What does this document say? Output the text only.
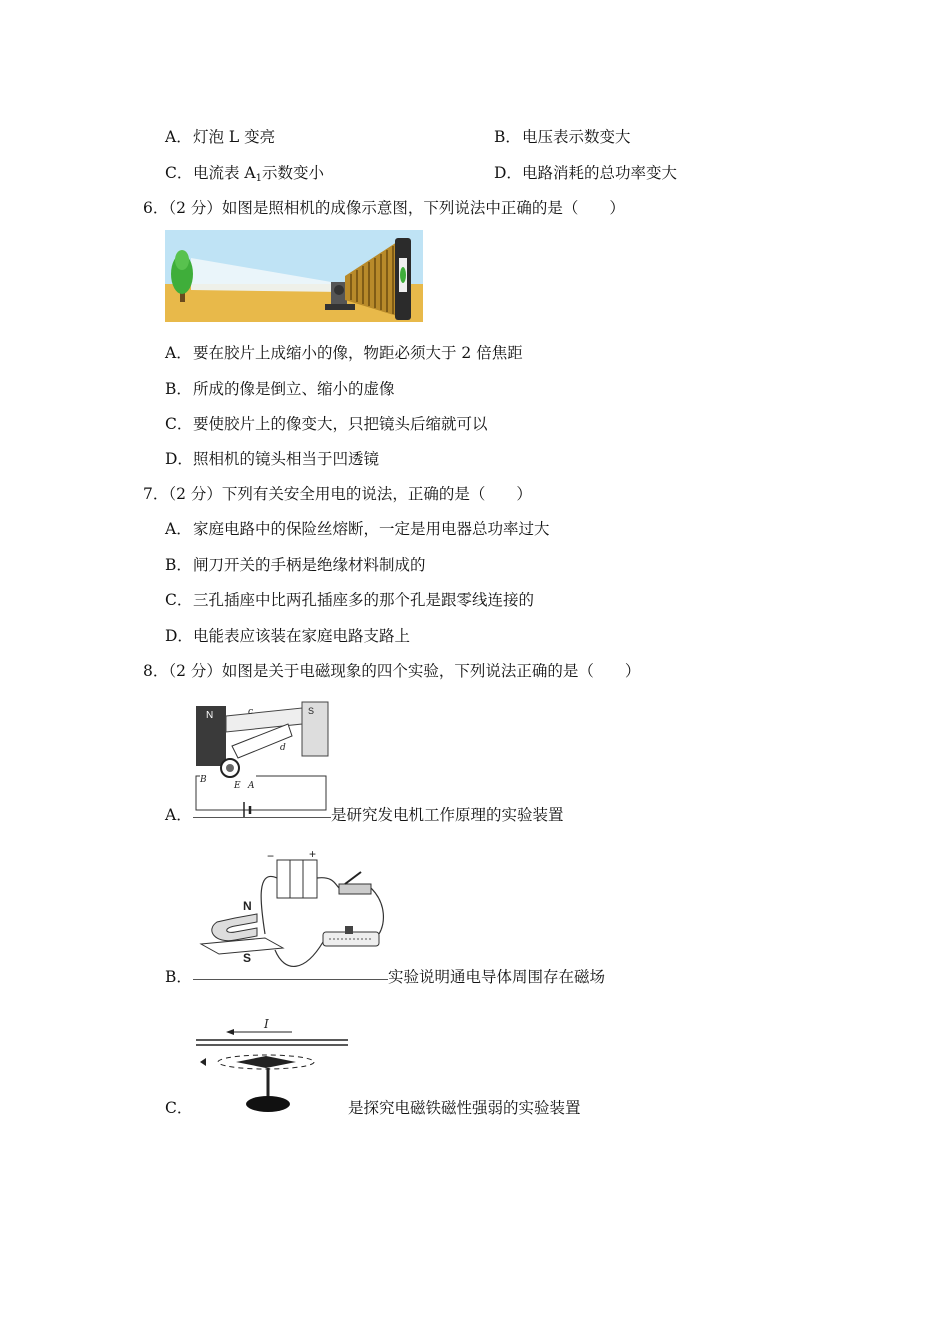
A．灯泡 L 变亮	B．电压表示数变大
C．电流表 $A_1$示数变小	D．电路消耗的总功率变大
6．（2 分）如图是照相机的成像示意图，下列说法中正确的是（　　）
A．要在胶片上成缩小的像，物距必须大于 2 倍焦距
B．所成的像是倒立、缩小的虚像
C．要使胶片上的像变大，只把镜头后缩就可以
D．照相机的镜头相当于凹透镜
7．（2 分）下列有关安全用电的说法，正确的是（　　）
A．家庭电路中的保险丝熔断，一定是用电器总功率过大
B．闸刀开关的手柄是绝缘材料制成的
C．三孔插座中比两孔插座多的那个孔是跟零线连接的
D．电能表应该装在家庭电路支路上
8．（2 分）如图是关于电磁现象的四个实验，下列说法正确的是（　　）
N	S
c
d
B
E A
A．	是研究发电机工作原理的实验装置
−	+
N
S
B．	实验说明通电导体周围存在磁场
I
C．	是探究电磁铁磁性强弱的实验装置
